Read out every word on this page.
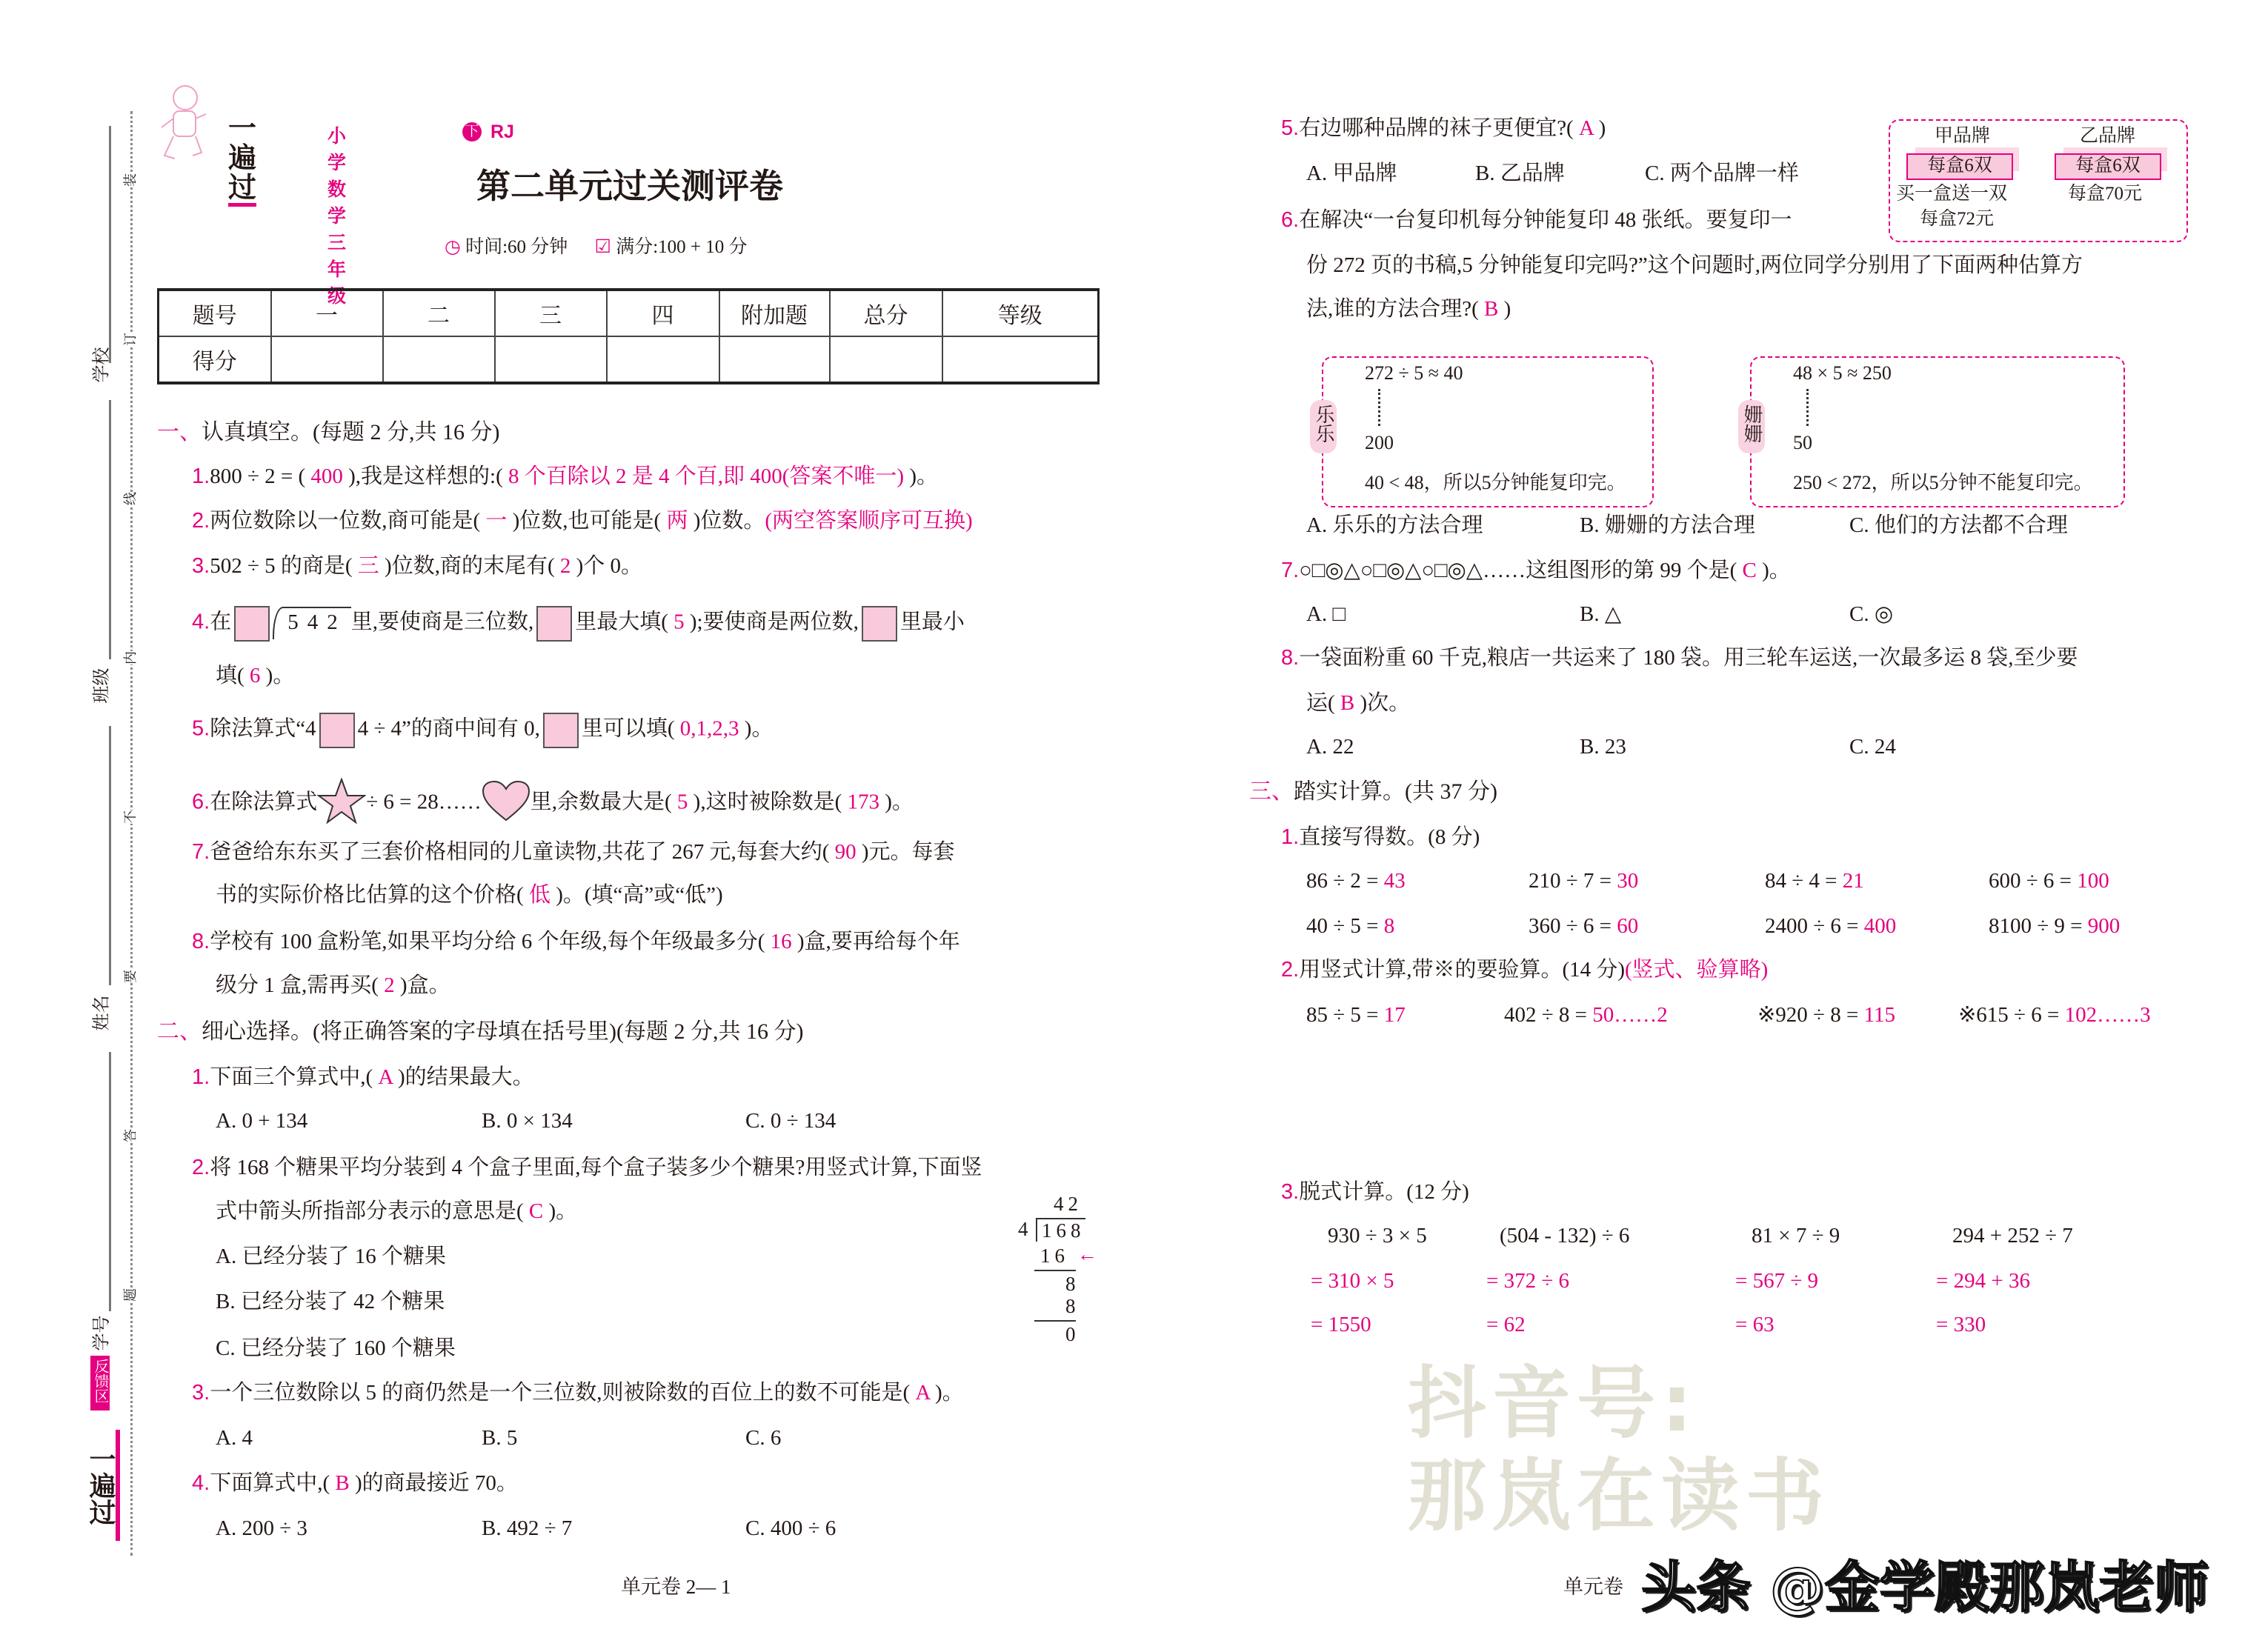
学校
班级
姓名
学号
装
订
线
内
不
要
答
题
反馈区
一遍过
一遍过
小学数学三年级
下 RJ
第二单元过关测评卷
◷ 时间:60 分钟 ☑ 满分:100 + 10 分
题号	一	二	三	四	附加题	总分	等级
得分							
抖音号:
那岚在读书
一、认真填空。(每题 2 分,共 16 分)
1.800 ÷ 2 = ( 400 ),我是这样想的:( 8 个百除以 2 是 4 个百,即 400(答案不唯一) )。
2.两位数除以一位数,商可能是( 一 )位数,也可能是( 两 )位数。(两空答案顺序可互换)
3.502 ÷ 5 的商是( 三 )位数,商的末尾有( 2 )个 0。
4.在	542 里,要使商是三位数, 里最大填( 5 );要使商是两位数, 里最小
填( 6 )。
5.除法算式“4 4 ÷ 4”的商中间有 0, 里可以填( 0,1,2,3 )。
6.在除法算式 ÷ 6 = 28…… 里,余数最大是( 5 ),这时被除数是( 173 )。
7.爸爸给东东买了三套价格相同的儿童读物,共花了 267 元,每套大约( 90 )元。每套
书的实际价格比估算的这个价格( 低 )。(填“高”或“低”)
8.学校有 100 盒粉笔,如果平均分给 6 个年级,每个年级最多分( 16 )盒,要再给每个年
级分 1 盒,需再买( 2 )盒。
二、细心选择。(将正确答案的字母填在括号里)(每题 2 分,共 16 分)
1.下面三个算式中,( A )的结果最大。
A. 0 + 134	B. 0 × 134	C. 0 ÷ 134
2.将 168 个糖果平均分装到 4 个盒子里面,每个盒子装多少个糖果?用竖式计算,下面竖
式中箭头所指部分表示的意思是( C )。
A. 已经分装了 16 个糖果
B. 已经分装了 42 个糖果
C. 已经分装了 160 个糖果
42
4 168
16 ←
8
8
0
3.一个三位数除以 5 的商仍然是一个三位数,则被除数的百位上的数不可能是( A )。
A. 4	B. 5	C. 6
4.下面算式中,( B )的商最接近 70。
A. 200 ÷ 3	B. 492 ÷ 7	C. 400 ÷ 6
单元卷 2— 1
5.右边哪种品牌的袜子更便宜?( A )
A. 甲品牌	B. 乙品牌	C. 两个品牌一样
甲品牌
每盒6双
买一盒送一双
每盒72元
乙品牌
每盒6双
每盒70元
6.在解决“一台复印机每分钟能复印 48 张纸。要复印一
份 272 页的书稿,5 分钟能复印完吗?”这个问题时,两位同学分别用了下面两种估算方
法,谁的方法合理?( B )
272 ÷ 5 ≈ 40
200
40 < 48，所以5分钟能复印完。
乐乐
48 × 5 ≈ 250
50
250 < 272，所以5分钟不能复印完。
姗姗
A. 乐乐的方法合理	B. 姗姗的方法合理	C. 他们的方法都不合理
7.○□◎△○□◎△○□◎△……这组图形的第 99 个是( C )。
A. □	B. △	C. ◎
8.一袋面粉重 60 千克,粮店一共运来了 180 袋。用三轮车运送,一次最多运 8 袋,至少要
运( B )次。
A. 22	B. 23	C. 24
三、踏实计算。(共 37 分)
1.直接写得数。(8 分)
86 ÷ 2 = 43	210 ÷ 7 = 30	84 ÷ 4 = 21	600 ÷ 6 = 100
40 ÷ 5 = 8	360 ÷ 6 = 60	2400 ÷ 6 = 400	8100 ÷ 9 = 900
2.用竖式计算,带※的要验算。(14 分)(竖式、验算略)
85 ÷ 5 = 17	402 ÷ 8 = 50……2	※920 ÷ 8 = 115	※615 ÷ 6 = 102……3
3.脱式计算。(12 分)
930 ÷ 3 × 5
= 310 × 5
= 1550
(504 - 132) ÷ 6
= 372 ÷ 6
= 62
81 × 7 ÷ 9
= 567 ÷ 9
= 63
294 + 252 ÷ 7
= 294 + 36
= 330
单元卷 头条 @金学殿那岚老师
